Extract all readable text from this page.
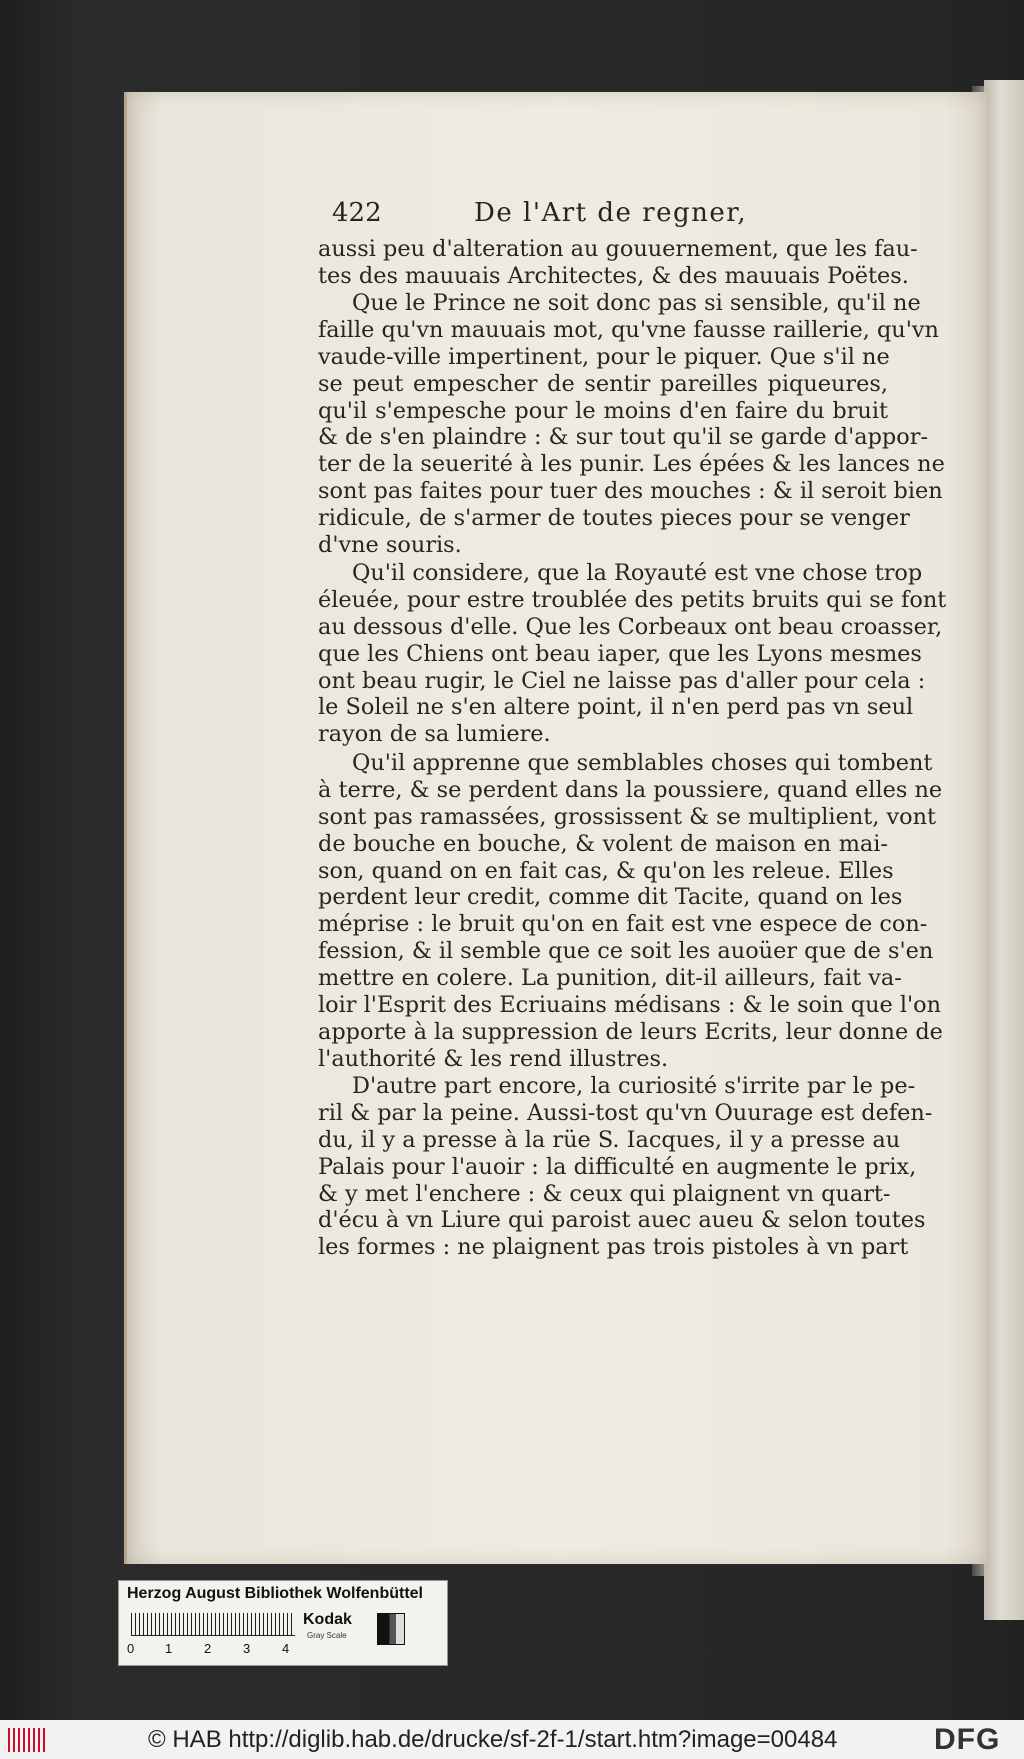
422	De l'Art de regner,
aussi peu d'alteration au gouuernement, que les fau-
tes des mauuais Architectes, & des mauuais Poëtes.
Que le Prince ne soit donc pas si sensible, qu'il ne
faille qu'vn mauuais mot, qu'vne fausse raillerie, qu'vn
vaude-ville impertinent, pour le piquer. Que s'il ne
se peut empescher de sentir pareilles piqueures,
qu'il s'empesche pour le moins d'en faire du bruit
& de s'en plaindre : & sur tout qu'il se garde d'appor-
ter de la seuerité à les punir. Les épées & les lances ne
sont pas faites pour tuer des mouches : & il seroit bien
ridicule, de s'armer de toutes pieces pour se venger
d'vne souris.
Qu'il considere, que la Royauté est vne chose trop
éleuée, pour estre troublée des petits bruits qui se font
au dessous d'elle. Que les Corbeaux ont beau croasser,
que les Chiens ont beau iaper, que les Lyons mesmes
ont beau rugir, le Ciel ne laisse pas d'aller pour cela :
le Soleil ne s'en altere point, il n'en perd pas vn seul
rayon de sa lumiere.
Qu'il apprenne que semblables choses qui tombent
à terre, & se perdent dans la poussiere, quand elles ne
sont pas ramassées, grossissent & se multiplient, vont
de bouche en bouche, & volent de maison en mai-
son, quand on en fait cas, & qu'on les releue. Elles
perdent leur credit, comme dit Tacite, quand on les
méprise : le bruit qu'on en fait est vne espece de con-
fession, & il semble que ce soit les auoüer que de s'en
mettre en colere. La punition, dit-il ailleurs, fait va-
loir l'Esprit des Ecriuains médisans : & le soin que l'on
apporte à la suppression de leurs Ecrits, leur donne de
l'authorité & les rend illustres.
D'autre part encore, la curiosité s'irrite par le pe-
ril & par la peine. Aussi-tost qu'vn Ouurage est defen-
du, il y a presse à la rüe S. Iacques, il y a presse au
Palais pour l'auoir : la difficulté en augmente le prix,
& y met l'enchere : & ceux qui plaignent vn quart-
d'écu à vn Liure qui paroist auec aueu & selon toutes
les formes : ne plaignent pas trois pistoles à vn part
Herzog August Bibliothek Wolfenbüttel
0 1 2 3 4
Kodak
Gray Scale
© HAB http://diglib.hab.de/drucke/sf-2f-1/start.htm?image=00484	DFG
